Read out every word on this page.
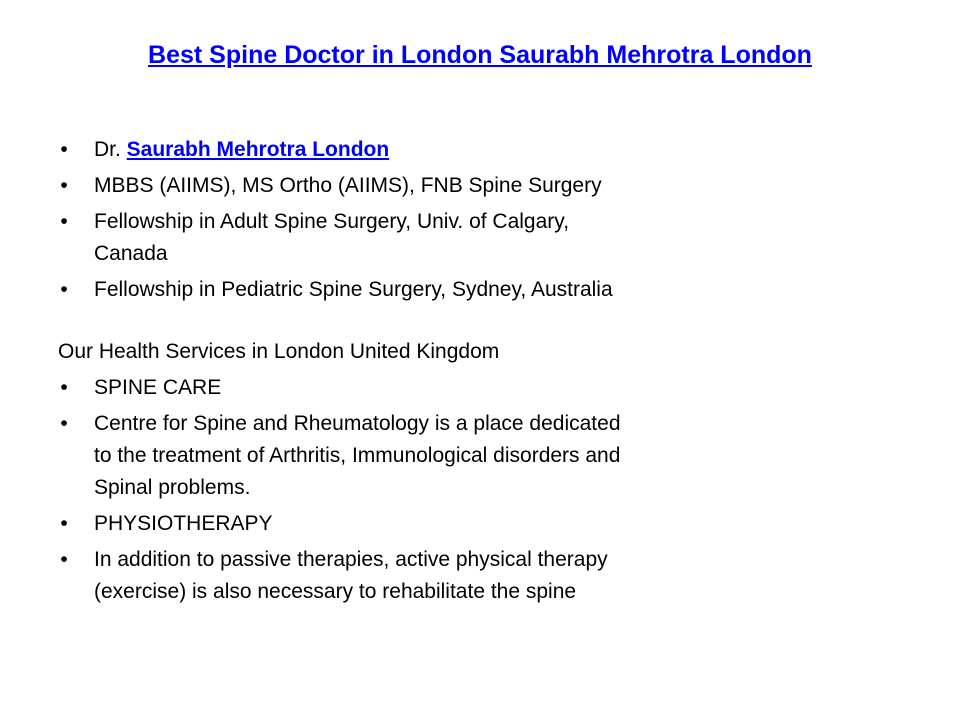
Best Spine Doctor in London Saurabh Mehrotra London
• Dr. Saurabh Mehrotra London
• MBBS (AIIMS), MS Ortho (AIIMS), FNB Spine Surgery
• Fellowship in Adult Spine Surgery, Univ. of Calgary, Canada
• Fellowship in Pediatric Spine Surgery, Sydney, Australia
Our Health Services in London United Kingdom
• SPINE CARE
• Centre for Spine and Rheumatology is a place dedicated to the treatment of Arthritis, Immunological disorders and Spinal problems.
• PHYSIOTHERAPY
• In addition to passive therapies, active physical therapy (exercise) is also necessary to rehabilitate the spine
